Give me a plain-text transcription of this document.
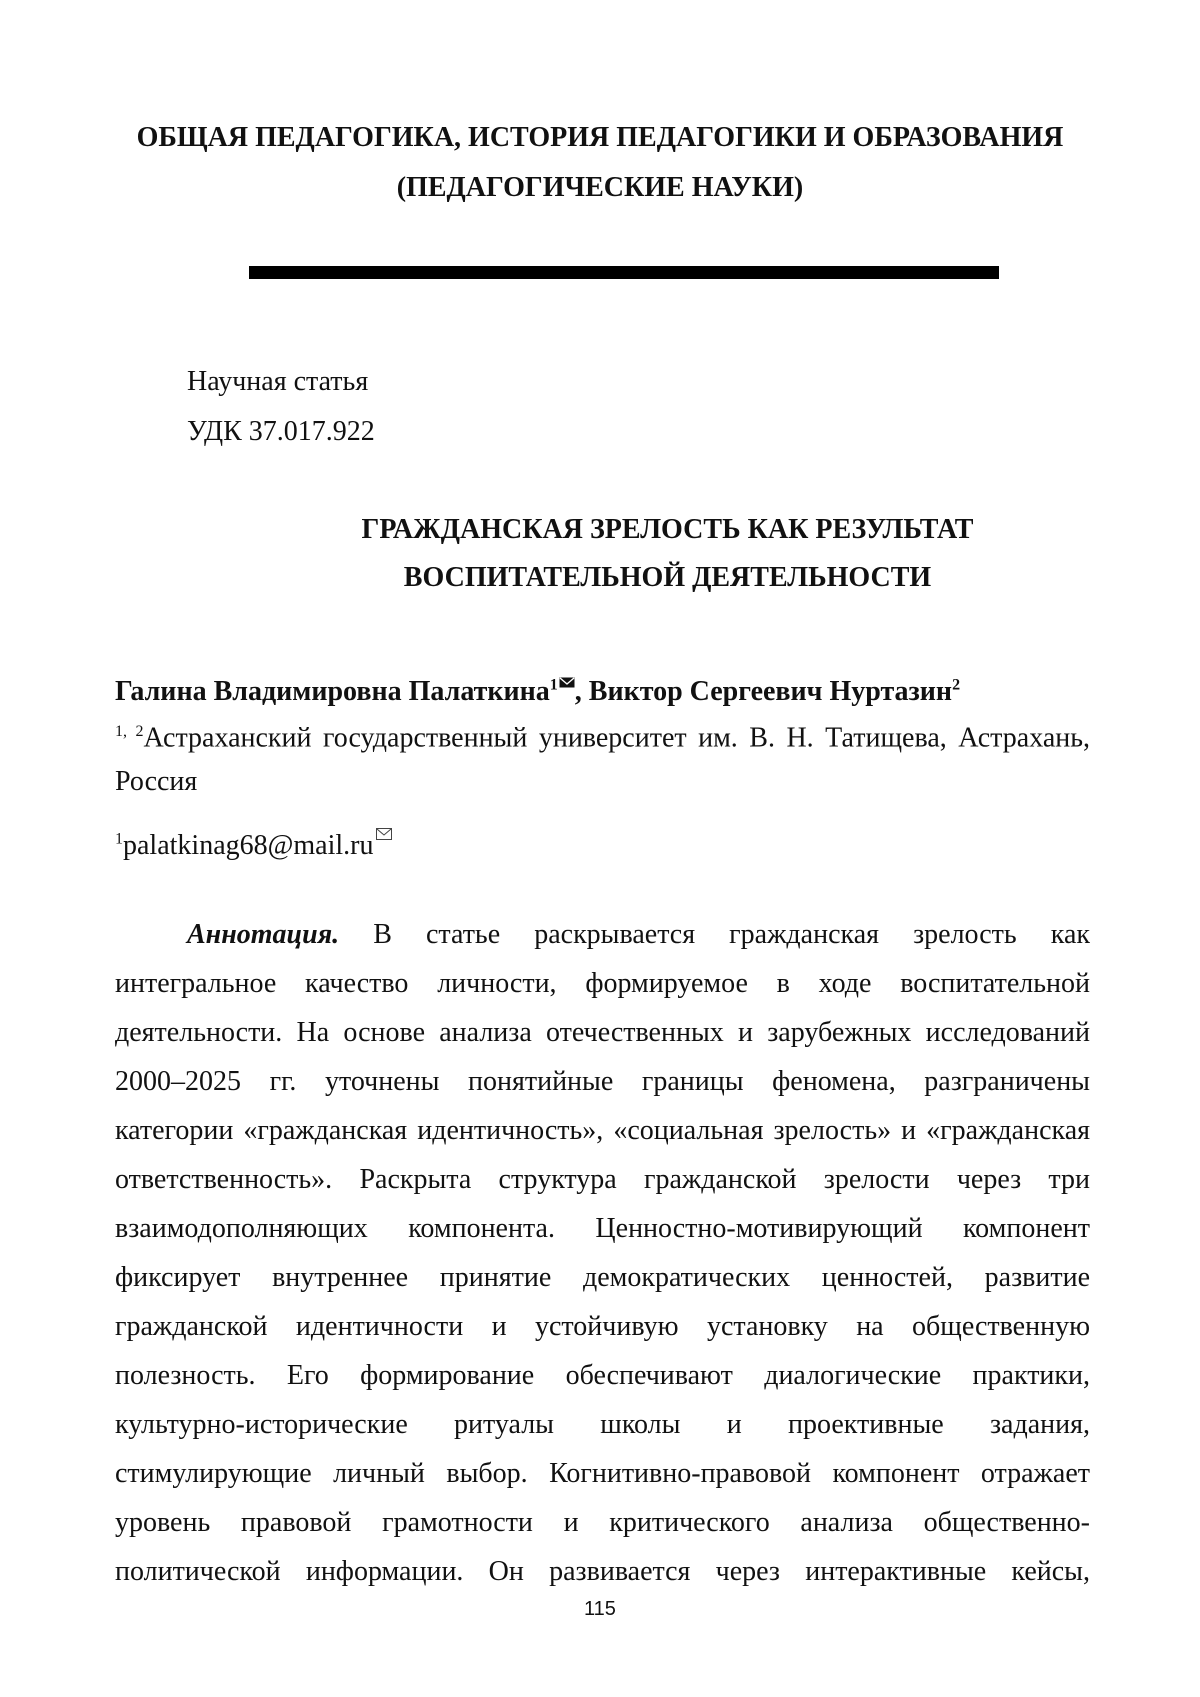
ОБЩАЯ ПЕДАГОГИКА, ИСТОРИЯ ПЕДАГОГИКИ И ОБРАЗОВАНИЯ
(ПЕДАГОГИЧЕСКИЕ НАУКИ)
Научная статья
УДК 37.017.922
ГРАЖДАНСКАЯ ЗРЕЛОСТЬ КАК РЕЗУЛЬТАТ
ВОСПИТАТЕЛЬНОЙ ДЕЯТЕЛЬНОСТИ
Галина Владимировна Палаткина$^1$ , Виктор Сергеевич Нуртазин$^2$
$^{1, 2}$Астраханский государственный университет им. В. Н. Татищева, Астрахань,
Россия
$^1$palatkinag68@mail.ru
Аннотация. В статье раскрывается гражданская зрелость как
интегральное качество личности, формируемое в ходе воспитательной
деятельности. На основе анализа отечественных и зарубежных исследований
2000–2025 гг. уточнены понятийные границы феномена, разграничены
категории «гражданская идентичность», «социальная зрелость» и «гражданская
ответственность». Раскрыта структура гражданской зрелости через три
взаимодополняющих компонента. Ценностно-мотивирующий компонент
фиксирует внутреннее принятие демократических ценностей, развитие
гражданской идентичности и устойчивую установку на общественную
полезность. Его формирование обеспечивают диалогические практики,
культурно-исторические ритуалы школы и проективные задания,
стимулирующие личный выбор. Когнитивно-правовой компонент отражает
уровень правовой грамотности и критического анализа общественно-
политической информации. Он развивается через интерактивные кейсы,
115
